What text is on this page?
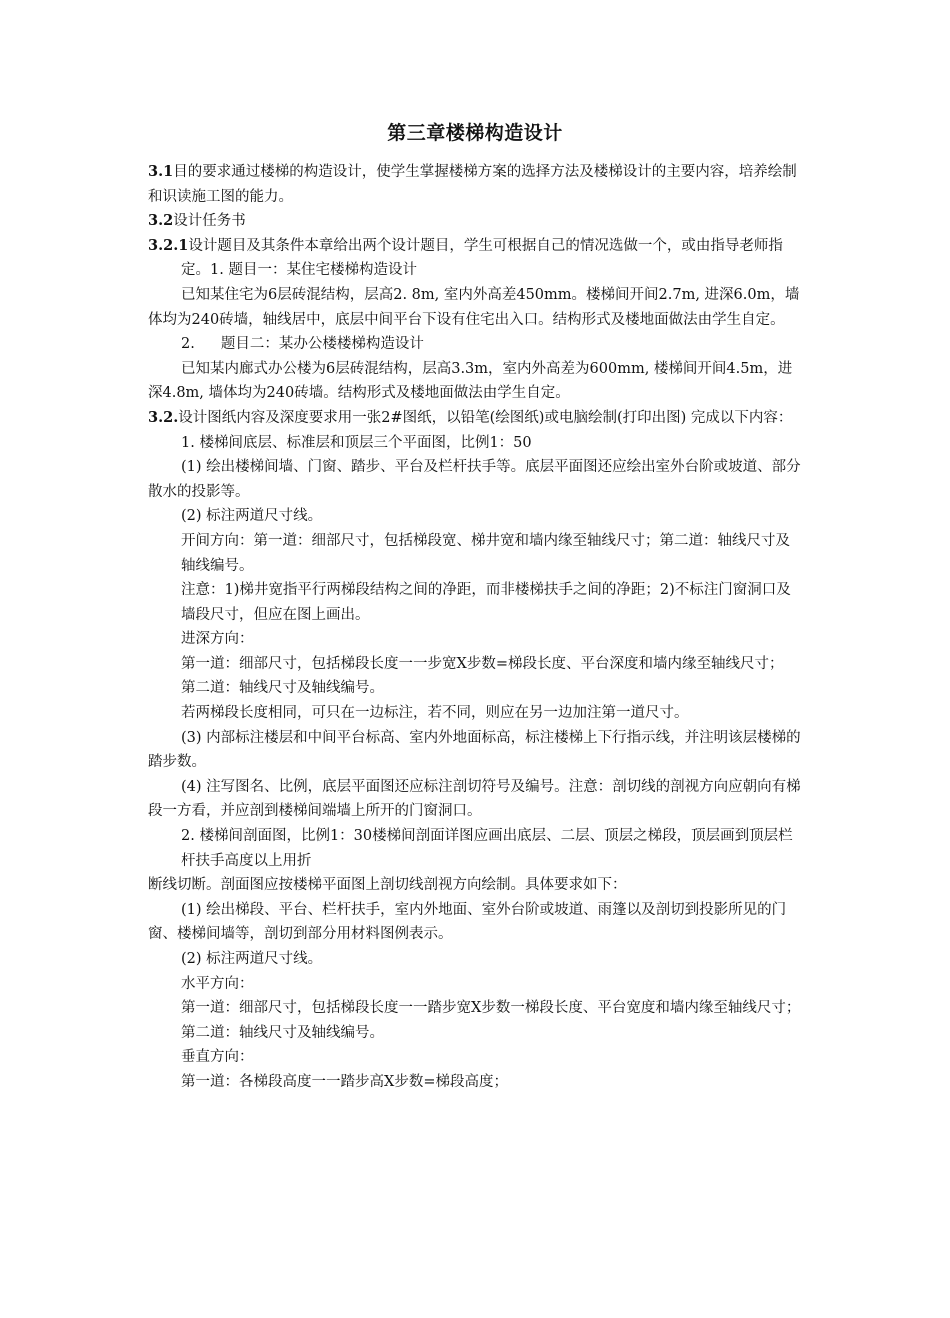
第三章楼梯构造设计

3.1目的要求通过楼梯的构造设计，使学生掌握楼梯方案的选择方法及楼梯设计的主要内容，培养绘制和识读施工图的能力。

3.2设计任务书

3.2.1设计题目及其条件本章给出两个设计题目，学生可根据自己的情况选做一个，或由指导老师指定。1. 题目一：某住宅楼梯构造设计

已知某住宅为6层砖混结构，层高2. 8m, 室内外高差450mm。楼梯间开间2.7m, 进深6.0m，墙体均为240砖墙，轴线居中，底层中间平台下设有住宅出入口。结构形式及楼地面做法由学生自定。

2. 题目二：某办公楼楼梯构造设计

已知某内廊式办公楼为6层砖混结构，层高3.3m，室内外高差为600mm, 楼梯间开间4.5m，进深4.8m, 墙体均为240砖墙。结构形式及楼地面做法由学生自定。

3.2.设计图纸内容及深度要求用一张2#图纸，以铅笔(绘图纸)或电脑绘制(打印出图) 完成以下内容：

1. 楼梯间底层、标准层和顶层三个平面图，比例1：50

(1) 绘出楼梯间墙、门窗、踏步、平台及栏杆扶手等。底层平面图还应绘出室外台阶或坡道、部分散水的投影等。

(2) 标注两道尺寸线。

开间方向：第一道：细部尺寸，包括梯段宽、梯井宽和墙内缘至轴线尺寸；第二道：轴线尺寸及轴线编号。

注意：1)梯井宽指平行两梯段结构之间的净距，而非楼梯扶手之间的净距；2)不标注门窗洞口及墙段尺寸，但应在图上画出。

进深方向：

第一道：细部尺寸，包括梯段长度一一步宽X步数=梯段长度、平台深度和墙内缘至轴线尺寸；

第二道：轴线尺寸及轴线编号。

若两梯段长度相同，可只在一边标注，若不同，则应在另一边加注第一道尺寸。

(3) 内部标注楼层和中间平台标高、室内外地面标高，标注楼梯上下行指示线，并注明该层楼梯的踏步数。

(4) 注写图名、比例，底层平面图还应标注剖切符号及编号。注意：剖切线的剖视方向应朝向有梯段一方看，并应剖到楼梯间端墙上所开的门窗洞口。

2. 楼梯间剖面图，比例1：30楼梯间剖面详图应画出底层、二层、顶层之梯段，顶层画到顶层栏杆扶手高度以上用折

断线切断。剖面图应按楼梯平面图上剖切线剖视方向绘制。具体要求如下：

(1) 绘出梯段、平台、栏杆扶手，室内外地面、室外台阶或坡道、雨篷以及剖切到投影所见的门窗、楼梯间墙等，剖切到部分用材料图例表示。

(2) 标注两道尺寸线。

水平方向：

第一道：细部尺寸，包括梯段长度一一踏步宽X步数一梯段长度、平台宽度和墙内缘至轴线尺寸；

第二道：轴线尺寸及轴线编号。

垂直方向：

第一道：各梯段高度一一踏步高X步数=梯段高度；
